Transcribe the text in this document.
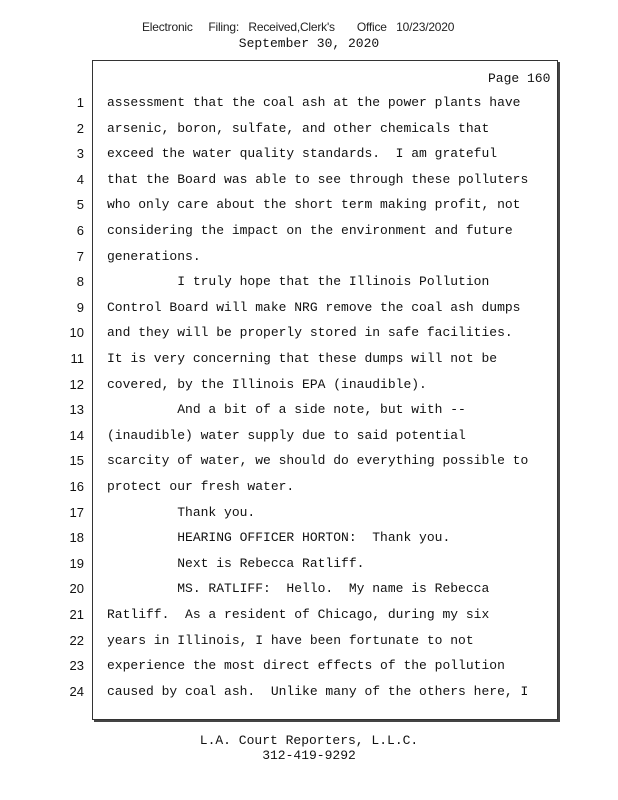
Electronic Filing: Received,Clerk's Office 10/23/2020
September 30, 2020
Page 160
1 assessment that the coal ash at the power plants have
2 arsenic, boron, sulfate, and other chemicals that
3 exceed the water quality standards.  I am grateful
4 that the Board was able to see through these polluters
5 who only care about the short term making profit, not
6 considering the impact on the environment and future
7 generations.
8 I truly hope that the Illinois Pollution
9 Control Board will make NRG remove the coal ash dumps
10 and they will be properly stored in safe facilities.
11 It is very concerning that these dumps will not be
12 covered, by the Illinois EPA (inaudible).
13 And a bit of a side note, but with --
14 (inaudible) water supply due to said potential
15 scarcity of water, we should do everything possible to
16 protect our fresh water.
17 Thank you.
18 HEARING OFFICER HORTON:  Thank you.
19 Next is Rebecca Ratliff.
20 MS. RATLIFF:  Hello.  My name is Rebecca
21 Ratliff.  As a resident of Chicago, during my six
22 years in Illinois, I have been fortunate to not
23 experience the most direct effects of the pollution
24 caused by coal ash.  Unlike many of the others here, I
L.A. Court Reporters, L.L.C.
312-419-9292
